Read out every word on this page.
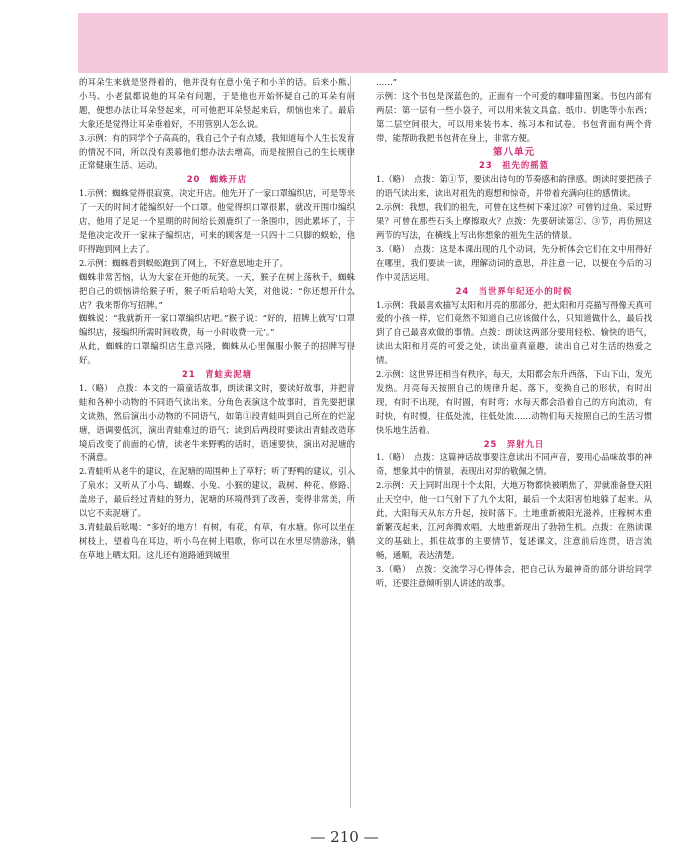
的耳朵生来就是竖得着的，他并没有在意小兔子和小羊的话。后来小熊、小马、小老鼠都说他的耳朵有问题，于是他也开始怀疑自己的耳朵有问题，便想办法让耳朵竖起来，可可他把耳朵竖起来后，烦恼也来了。最后大象还是觉得让耳朵垂着好，不用管别人怎么说。

3.示例：有的同学个子高高的，我自己个子有点矮，我知道每个人生长发育的情况不同，所以没有羡慕他们想办法去增高，而是按照自己的生长规律正常健康生活、运动。

20　蜘蛛开店

1.示例：蜘蛛觉得很寂寞，决定开店。他先开了一家口罩编织店，可是等来了一天的时间才能编织好一个口罩。他觉得织口罩很累，就改开围巾编织店，他用了足足一个星期的时间给长颈鹿织了一条围巾，因此累坏了，于是他决定改开一家袜子编织店，可来的顾客是一只四十二只脚的蜈蚣，他吓得跑到网上去了。

2.示例：蜘蛛看到蜈蚣跑到了网上，不好意思地走开了。

蜘蛛非常苦恼，认为大家在开他的玩笑。一天，猴子在树上荡秋千，蜘蛛把自己的烦恼讲给猴子听，猴子听后哈哈大笑，对他说：“你还想开什么店？我来帮你写招牌。”

蜘蛛说：“我就新开一家口罩编织店吧。”猴子说：“好的，招牌上就写‘口罩编织店，接编织所需时间收费，每一小时收费一元’。”

从此，蜘蛛的口罩编织店生意兴隆，蜘蛛从心里佩服小猴子的招牌写得好。

21　青蛙卖泥塘

1.（略）　点拨：本文的一篇童话故事，朗读课文时，要读好故事，并把青蛙和各种小动物的不同语气读出来。分角色表演这个故事时，首先要把课文读熟，然后演出小动物的不同语气，如第①段青蛙叫到自己所在的烂泥塘，语调要低沉，演出青蛙难过的语气；读到后两段时要读出青蛙改造环境后改变了前面的心情，读老牛来野鸭的话时，语速要快，演出对泥塘的不满意。

2.青蛙听从老牛的建议，在泥塘的周围种上了草籽；听了野鸭的建议，引入了泉水；又听从了小鸟、蝴蝶、小兔、小猴的建议，栽树、种花、修路、盖房子，最后经过青蛙的努力，泥塘的环境得到了改善，变得非常美，所以它不卖泥塘了。

3.青蛙最后吆喝：“多好的地方！有树，有花，有草，有水塘。你可以坐在树枝上，望着鸟在耳边，听小鸟在树上唱歌，你可以在水里尽情游泳，躺在草地上晒太阳。这儿还有道路通到城里

……”

示例：这个书包是深蓝色的，正面有一个可爱的咖啡猫图案。书包内部有两层：第一层有一些小袋子，可以用来装文具盒、纸巾、钥匙等小东西；第二层空间很大，可以用来装书本、练习本和试卷。书包背面有两个背带，能帮助我把书包背在身上，非常方便。

第八单元

23　祖先的摇篮

1.（略）　点拨：第①节，要读出诗句的节奏感和韵律感。朗读时要把孩子的语气读出来，读出对祖先的遐想和惊奇，并带着充满向往的感情读。

2.示例：我想，我们的祖先，可曾在这些树下乘过凉？可曾钓过鱼、采过野果？可曾在那些石头上摩擦取火？点拨：先要研读第②、③节，再仿照这两节的写法，在横线上写出你想象的祖先生活的情景。

3.（略）　点拨：这是本课出现的几个动词，先分析体会它们在文中用得好在哪里，我们要读一读，理解动词的意思，并注意一记，以便在今后的习作中灵活运用。

24　当世界年纪还小的时候

1.示例：我最喜欢描写太阳和月亮的那部分，把太阳和月亮描写得像天真可爱的小孩一样，它们竟然不知道自己应该做什么，只知道做什么，最后找到了自己最喜欢做的事情。点拨：朗读这两部分要用轻松、愉快的语气，读出太阳和月亮的可爱之处，读出童真童趣，读出自己对生活的热爱之情。

2.示例：这世界还相当有秩序，每天，太阳都会东升西落，下山下山，发光发热。月亮每天按照自己的规律升起、落下，变换自己的形状，有时出现，有时不出现，有时圆，有时弯；水每天都会沿着自己的方向流动，有时快，有时慢，往低处流，往低处流……动物们每天按照自己的生活习惯快乐地生活着。

25　羿射九日

1.（略）　点拨：这篇神话故事要注意读出不同声音，要用心品味故事的神奇，想象其中的情景，表现出对羿的敬佩之情。

2.示例：天上同时出现十个太阳，大地万物都快被晒焦了，羿就准备登天阻止天空中，他一口气射下了九个太阳，最后一个太阳害怕地躲了起来。从此，大阳每天从东方升起，按时落下。土地重新被阳光滋养，庄稼树木重新繁茂起来，江河奔腾欢唱，大地重新现出了勃勃生机。点拨：在熟读课文的基础上，抓住故事的主要情节，复述课文，注意前后连贯，语言流畅，通顺，表达清楚。

3.（略）　点拨：交流学习心得体会，把自己认为最神奇的部分讲给同学听，还要注意倾听别人讲述的故事。

— 210 —
